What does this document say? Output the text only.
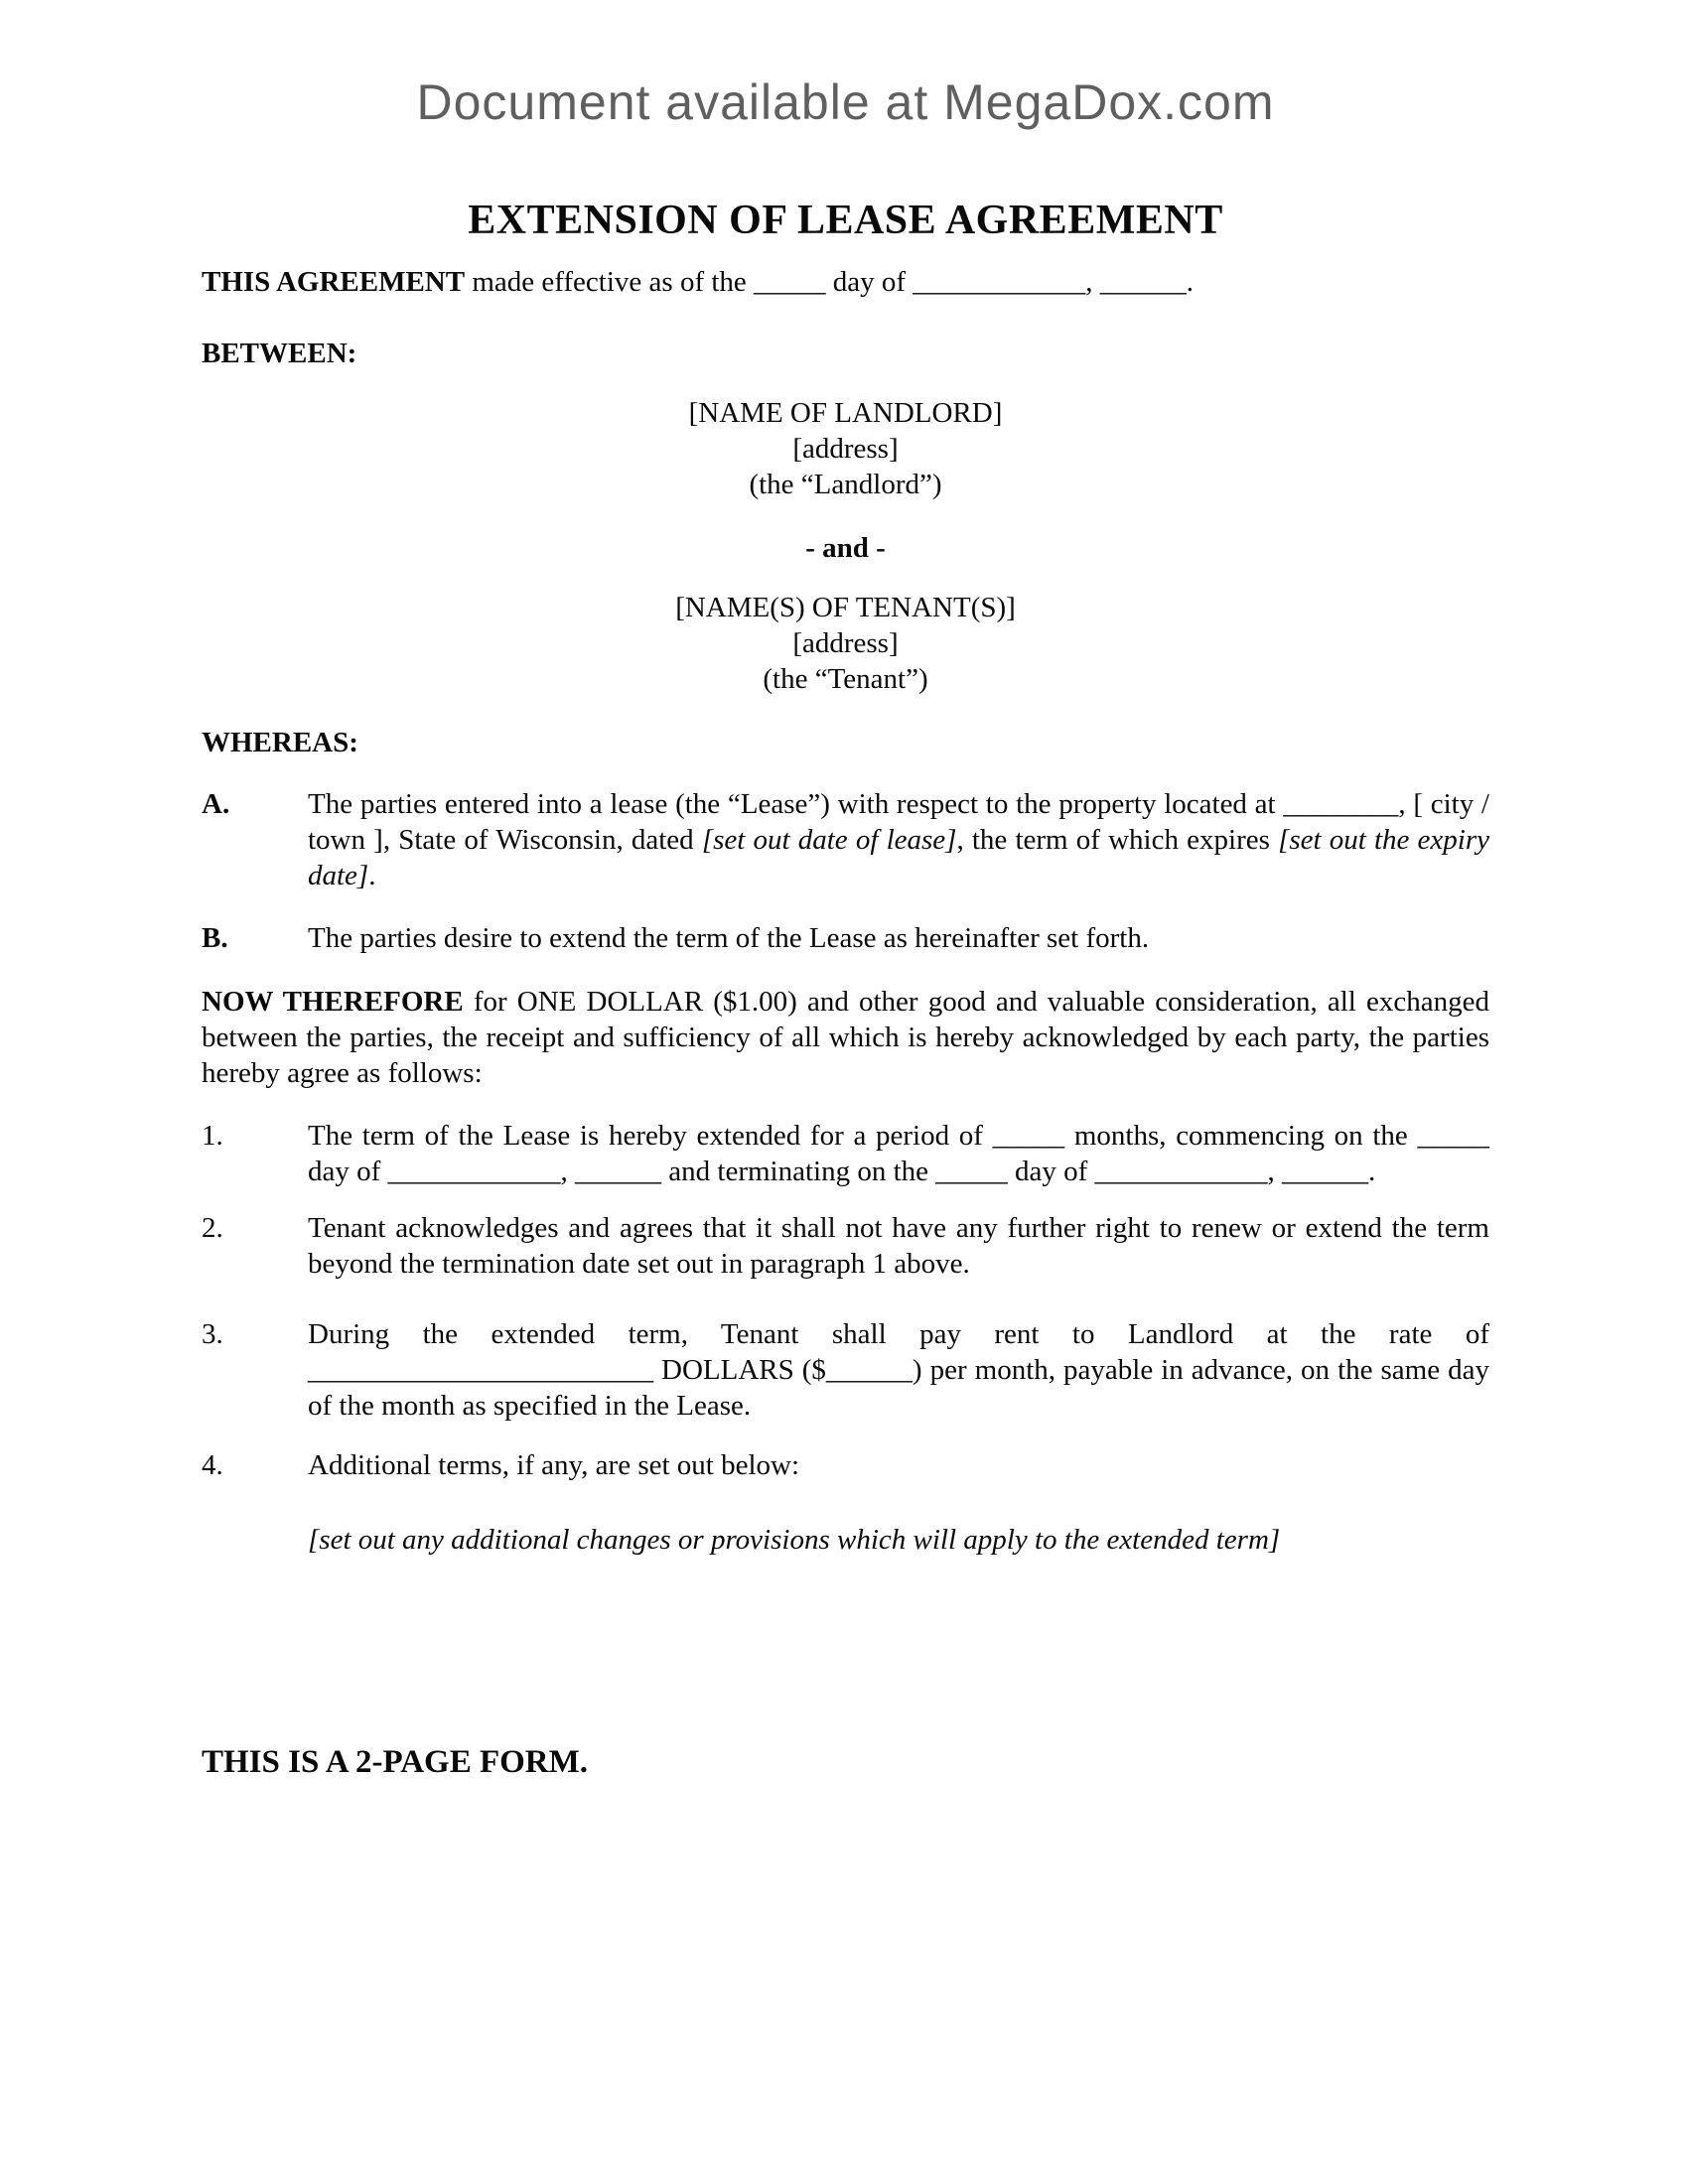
Document available at MegaDox.com
EXTENSION OF LEASE AGREEMENT
THIS AGREEMENT made effective as of the _____ day of ____________, ______.
BETWEEN:
[NAME OF LANDLORD]
[address]
(the “Landlord”)
- and -
[NAME(S) OF TENANT(S)]
[address]
(the “Tenant”)
WHEREAS:
A.	The parties entered into a lease (the “Lease”) with respect to the property located at ________, [ city / town ], State of Wisconsin, dated [set out date of lease], the term of which expires [set out the expiry date].
B.	The parties desire to extend the term of the Lease as hereinafter set forth.
NOW THEREFORE for ONE DOLLAR ($1.00) and other good and valuable consideration, all exchanged between the parties, the receipt and sufficiency of all which is hereby acknowledged by each party, the parties hereby agree as follows:
1.	The term of the Lease is hereby extended for a period of _____ months, commencing on the _____ day of ____________, ______ and terminating on the _____ day of ____________, ______.
2.	Tenant acknowledges and agrees that it shall not have any further right to renew or extend the term beyond the termination date set out in paragraph 1 above.
3.	During the extended term, Tenant shall pay rent to Landlord at the rate of ________________________ DOLLARS ($______) per month, payable in advance, on the same day of the month as specified in the Lease.
4.	Additional terms, if any, are set out below:
[set out any additional changes or provisions which will apply to the extended term]
THIS IS A 2-PAGE FORM.
